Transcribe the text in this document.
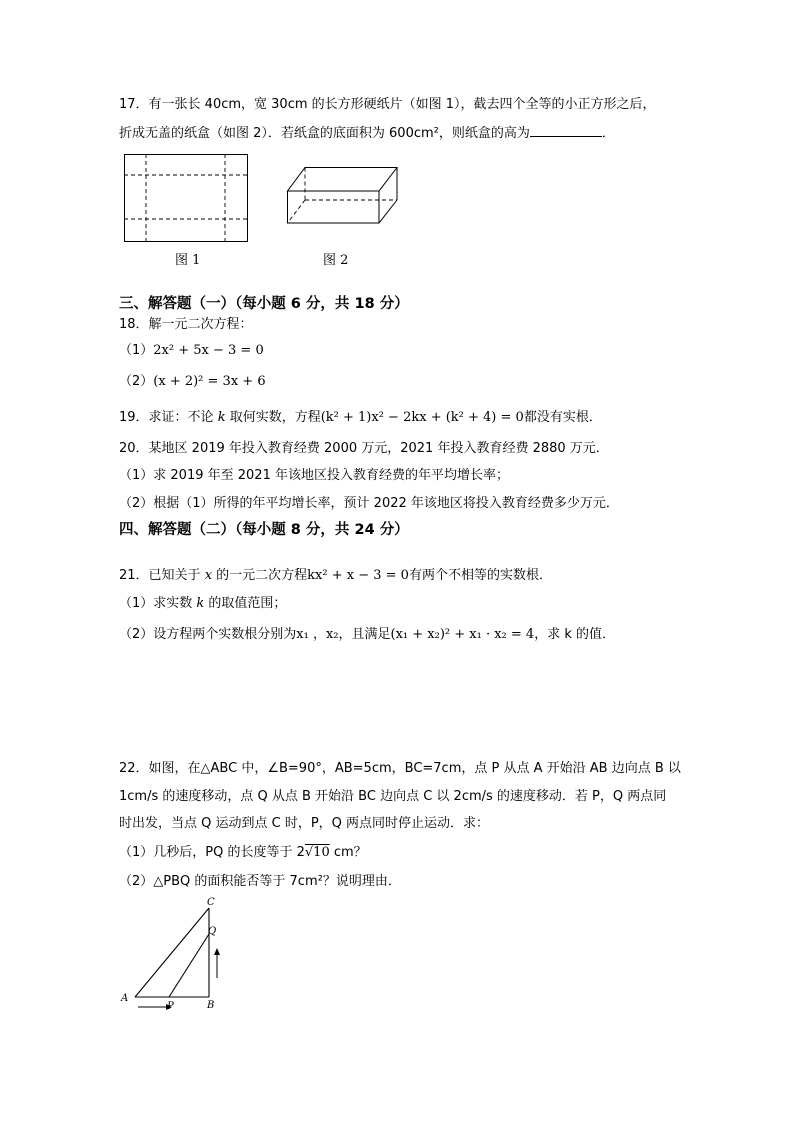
17．有一张长 40cm，宽 30cm 的长方形硬纸片（如图 1），截去四个全等的小正方形之后，
折成无盖的纸盒（如图 2）．若纸盒的底面积为 600cm²，则纸盒的高为	．
图 1	图 2
三、解答题（一）（每小题 6 分，共 18 分）
18．解一元二次方程：
（1）2x² + 5x − 3 = 0
（2）(x + 2)² = 3x + 6
19．求证：不论 k 取何实数，方程(k² + 1)x² − 2kx + (k² + 4) = 0都没有实根．
20．某地区 2019 年投入教育经费 2000 万元，2021 年投入教育经费 2880 万元．
（1）求 2019 年至 2021 年该地区投入教育经费的年平均增长率；
（2）根据（1）所得的年平均增长率，预计 2022 年该地区将投入教育经费多少万元．
四、解答题（二）（每小题 8 分，共 24 分）
21．已知关于 x 的一元二次方程kx² + x − 3 = 0有两个不相等的实数根．
（1）求实数 k 的取值范围；
（2）设方程两个实数根分别为x₁ ，x₂，且满足(x₁ + x₂)² + x₁ · x₂ = 4，求 k 的值．
22．如图，在△ABC 中，∠B=90°，AB=5cm，BC=7cm，点 P 从点 A 开始沿 AB 边向点 B 以
1cm/s 的速度移动，点 Q 从点 B 开始沿 BC 边向点 C 以 2cm/s 的速度移动．若 P，Q 两点同
时出发，当点 Q 运动到点 C 时，P，Q 两点同时停止运动．求：
（1）几秒后，PQ 的长度等于 2√10 cm？
（2）△PBQ 的面积能否等于 7cm²？说明理由．
A
B
C
P
Q
